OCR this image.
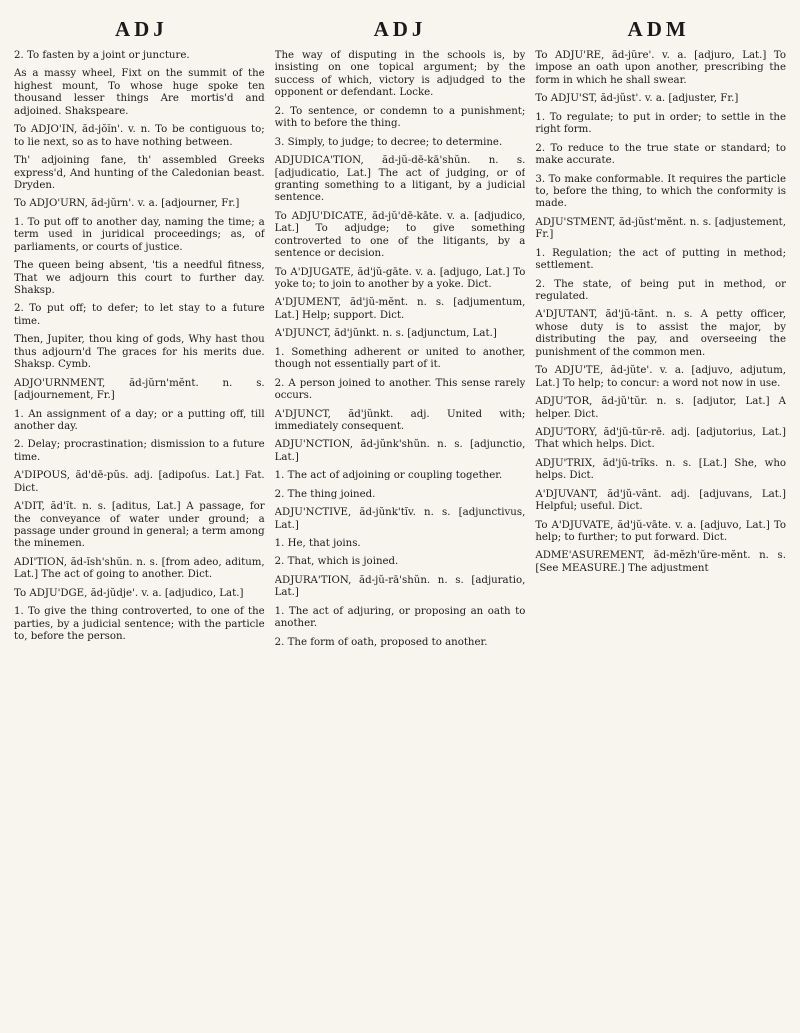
ADJ	ADJ	ADM

2. To fasten by a joint or juncture.

As a massy wheel, Fixt on the summit of the highest mount, To whose huge spoke ten thousand lesser things Are mortis'd and adjoined. Shakspeare.

To ADJO'IN, ăd-jŏĭn'. v. n. To be contiguous to; to lie next, so as to have nothing between.

Th' adjoining fane, th' assembled Greeks express'd, And hunting of the Caledonian beast. Dryden.

To ADJO'URN, ăd-jŭrn'. v. a. [adjourner, Fr.]

1. To put off to another day, naming the time; a term used in juridical proceedings; as, of parliaments, or courts of justice.

The queen being absent, 'tis a needful fitness, That we adjourn this court to further day. Shaksp.

2. To put off; to defer; to let stay to a future time.

Then, Jupiter, thou king of gods, Why hast thou thus adjourn'd The graces for his merits due. Shaksp. Cymb.

ADJO'URNMENT, ăd-jŭrn'mĕnt. n. s. [adjournement, Fr.]

1. An assignment of a day; or a putting off, till another day.

2. Delay; procrastination; dismission to a future time.

A'DIPOUS, ăd'dē-pŭs. adj. [adipoſus. Lat.] Fat. Dict.

A'DIT, ăd'ĭt. n. s. [aditus, Lat.] A passage, for the conveyance of water under ground; a passage under ground in general; a term among the minemen.

ADI'TION, ăd-ĭsh'shŭn. n. s. [from adeo, aditum, Lat.] The act of going to another. Dict.

To ADJU'DGE, ăd-jŭdje'. v. a. [adjudico, Lat.]

1. To give the thing controverted, to one of the parties, by a judicial sentence; with the particle to, before the person.

The way of disputing in the schools is, by insisting on one topical argument; by the success of which, victory is adjudged to the opponent or defendant. Locke.

2. To sentence, or condemn to a punishment; with to before the thing.

3. Simply, to judge; to decree; to determine.

ADJUDICA'TION, ăd-jŭ-dē-kā'shŭn. n. s. [adjudicatio, Lat.] The act of judging, or of granting something to a litigant, by a judicial sentence.

To ADJU'DICATE, ăd-jŭ'dē-kāte. v. a. [adjudico, Lat.] To adjudge; to give something controverted to one of the litigants, by a sentence or decision.

To A'DJUGATE, ăd'jŭ-gāte. v. a. [adjugo, Lat.] To yoke to; to join to another by a yoke. Dict.

A'DJUMENT, ăd'jŭ-mĕnt. n. s. [adjumentum, Lat.] Help; support. Dict.

A'DJUNCT, ăd'jŭnkt. n. s. [adjunctum, Lat.]

1. Something adherent or united to another, though not essentially part of it.

2. A person joined to another. This sense rarely occurs.

A'DJUNCT, ăd'jŭnkt. adj. United with; immediately consequent.

ADJU'NCTION, ăd-jŭnk'shŭn. n. s. [adjunctio, Lat.]

1. The act of adjoining or coupling together.

2. The thing joined.

ADJU'NCTIVE, ăd-jŭnk'tĭv. n. s. [adjunctivus, Lat.]

1. He, that joins.

2. That, which is joined.

ADJURA'TION, ăd-jŭ-rā'shŭn. n. s. [adjuratio, Lat.]

1. The act of adjuring, or proposing an oath to another.

2. The form of oath, proposed to another.

To ADJU'RE, ăd-jŭre'. v. a. [adjuro, Lat.] To impose an oath upon another, prescribing the form in which he shall swear.

To ADJU'ST, ăd-jŭst'. v. a. [adjuster, Fr.]

1. To regulate; to put in order; to settle in the right form.

2. To reduce to the true state or standard; to make accurate.

3. To make conformable. It requires the particle to, before the thing, to which the conformity is made.

ADJU'STMENT, ăd-jŭst'mĕnt. n. s. [adjustement, Fr.]

1. Regulation; the act of putting in method; settlement.

2. The state, of being put in method, or regulated.

A'DJUTANT, ăd'jŭ-tănt. n. s. A petty officer, whose duty is to assist the major, by distributing the pay, and overseeing the punishment of the common men.

To ADJU'TE, ăd-jŭte'. v. a. [adjuvo, adjutum, Lat.] To help; to concur: a word not now in use.

ADJU'TOR, ăd-jŭ'tŭr. n. s. [adjutor, Lat.] A helper. Dict.

ADJU'TORY, ăd'jŭ-tŭr-rē. adj. [adjutorius, Lat.] That which helps. Dict.

ADJU'TRIX, ăd'jŭ-trĭks. n. s. [Lat.] She, who helps. Dict.

A'DJUVANT, ăd'jŭ-vănt. adj. [adjuvans, Lat.] Helpful; useful. Dict.

To A'DJUVATE, ăd'jŭ-vāte. v. a. [adjuvo, Lat.] To help; to further; to put forward. Dict.

ADME'ASUREMENT, ăd-mĕzh'ŭre-mĕnt. n. s. [See MEASURE.] The adjustment
